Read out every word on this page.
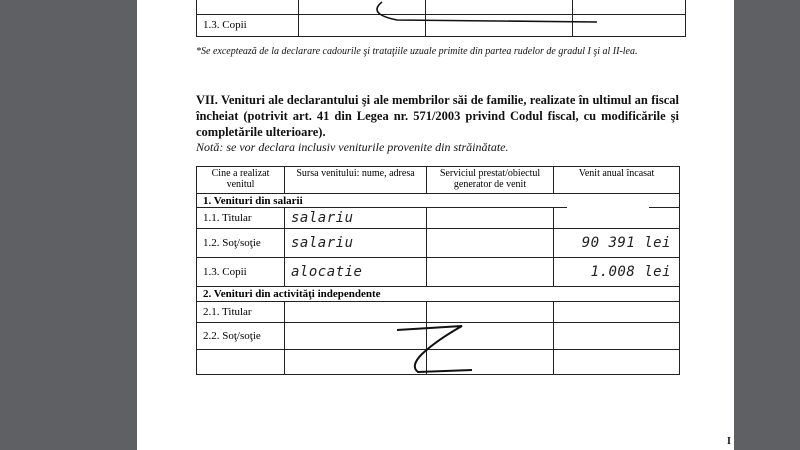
1.3. Copii			
*Se exceptează de la declarare cadourile şi trataţiile uzuale primite din partea rudelor de gradul I şi al II-lea.
VII. Venituri ale declarantului şi ale membrilor săi de familie, realizate în ultimul an fiscal încheiat (potrivit art. 41 din Legea nr. 571/2003 privind Codul fiscal, cu modificările şi completările ulterioare).
Notă: se vor declara inclusiv veniturile provenite din străinătate.
Cine a realizat venitul	Sursa venitului: nume, adresa	Serviciul prestat/obiectul generator de venit	Venit anual încasat
1. Venituri din salarii			
1.1. Titular	salariu		
1.2. Soţ/soţie	salariu		90 391 lei
1.3. Copii	alocatie		1.008 lei
2. Venituri din activităţi independente			
2.1. Titular			
2.2. Soţ/soţie			

I
